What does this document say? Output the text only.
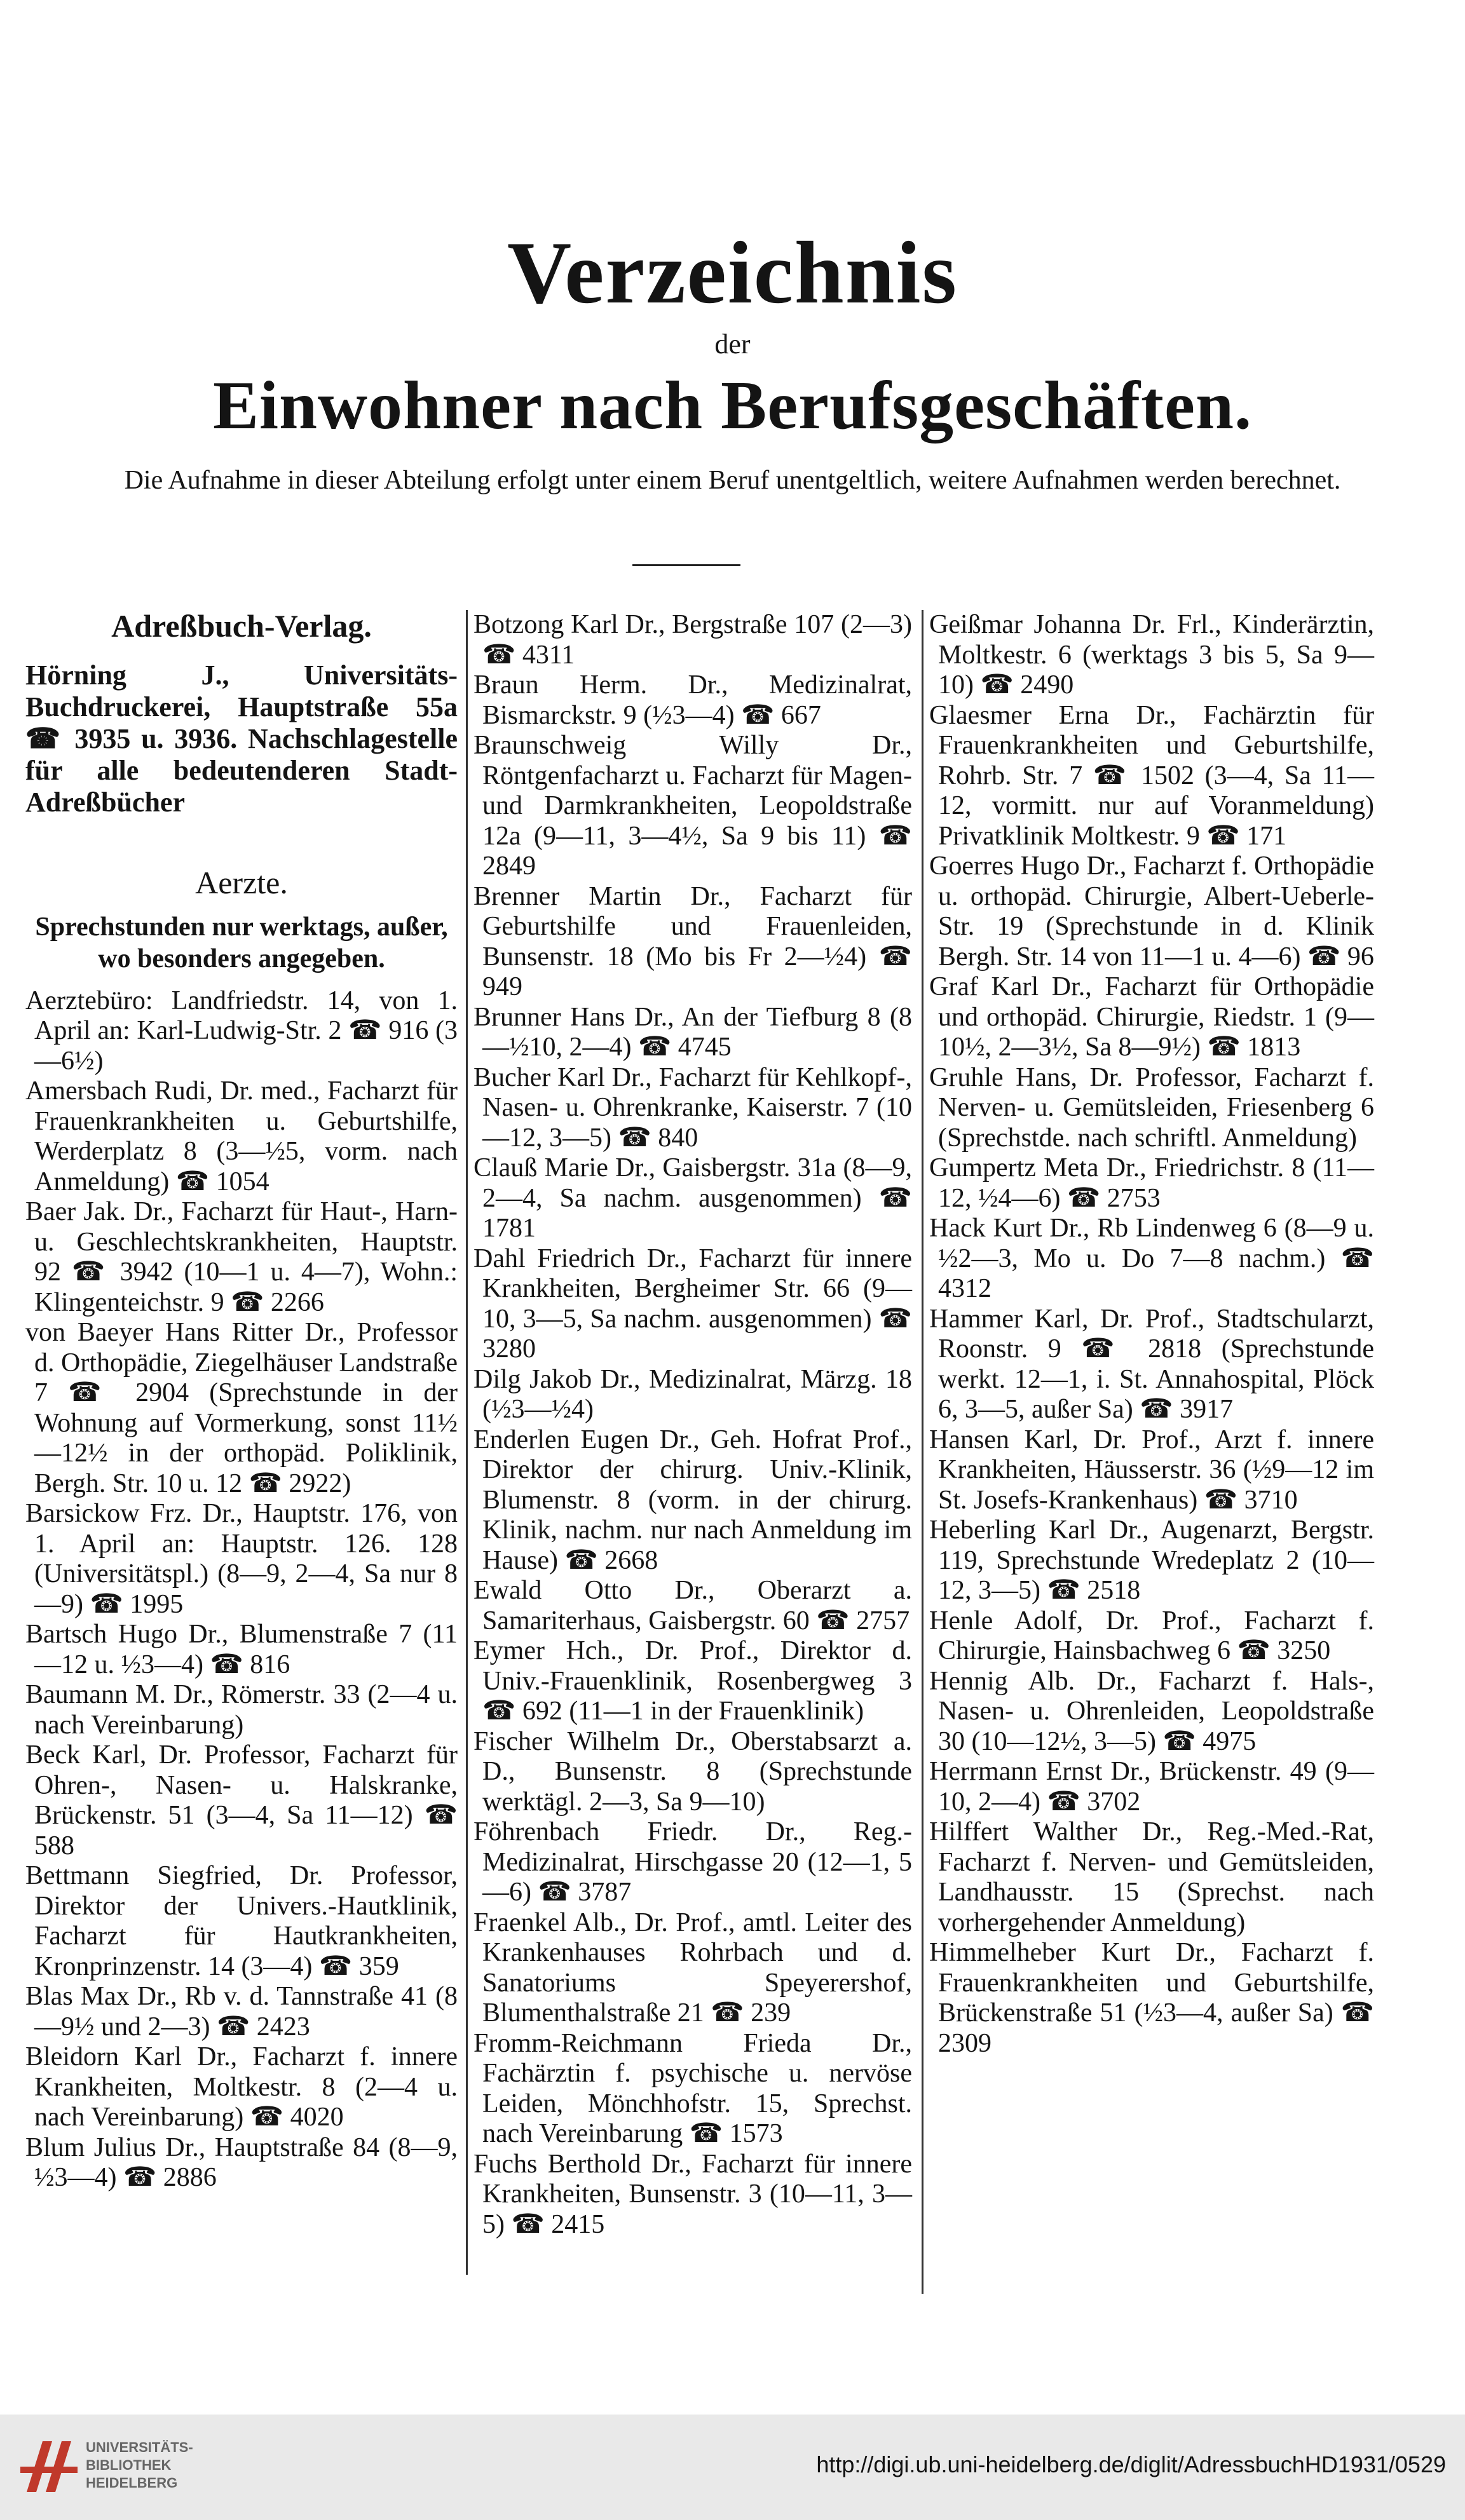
Verzeichnis
der
Einwohner nach Berufsgeschäften.
Die Aufnahme in dieser Abteilung erfolgt unter einem Beruf unentgeltlich, weitere Aufnahmen werden berechnet.
Adreßbuch-Verlag.
Hörning J., Universitäts-Buchdruckerei, Hauptstraße 55a ☎ 3935 u. 3936. Nachschlagestelle für alle bedeutenderen Stadt-Adreßbücher
Aerzte.
Sprechstunden nur werktags, außer, wo besonders angegeben.

Aerztebüro: Landfriedstr. 14, von 1. April an: Karl-Ludwig-Str. 2 ☎ 916 (3—6½)

Amersbach Rudi, Dr. med., Facharzt für Frauenkrankheiten u. Geburtshilfe, Werderplatz 8 (3—½5, vorm. nach Anmeldung) ☎ 1054

Baer Jak. Dr., Facharzt für Haut-, Harn- u. Geschlechtskrankheiten, Hauptstr. 92 ☎ 3942 (10—1 u. 4—7), Wohn.: Klingenteichstr. 9 ☎ 2266

von Baeyer Hans Ritter Dr., Professor d. Orthopädie, Ziegelhäuser Landstraße 7 ☎ 2904 (Sprechstunde in der Wohnung auf Vormerkung, sonst 11½—12½ in der orthopäd. Poliklinik, Bergh. Str. 10 u. 12 ☎ 2922)

Barsickow Frz. Dr., Hauptstr. 176, von 1. April an: Hauptstr. 126. 128 (Universitätspl.) (8—9, 2—4, Sa nur 8—9) ☎ 1995

Bartsch Hugo Dr., Blumenstraße 7 (11—12 u. ½3—4) ☎ 816

Baumann M. Dr., Römerstr. 33 (2—4 u. nach Vereinbarung)

Beck Karl, Dr. Professor, Facharzt für Ohren-, Nasen- u. Halskranke, Brückenstr. 51 (3—4, Sa 11—12) ☎ 588

Bettmann Siegfried, Dr. Professor, Direktor der Univers.-Hautklinik, Facharzt für Hautkrankheiten, Kronprinzenstr. 14 (3—4) ☎ 359

Blas Max Dr., Rb v. d. Tannstraße 41 (8—9½ und 2—3) ☎ 2423

Bleidorn Karl Dr., Facharzt f. innere Krankheiten, Moltkestr. 8 (2—4 u. nach Vereinbarung) ☎ 4020

Blum Julius Dr., Hauptstraße 84 (8—9, ½3—4) ☎ 2886

Botzong Karl Dr., Bergstraße 107 (2—3) ☎ 4311

Braun Herm. Dr., Medizinalrat, Bismarckstr. 9 (½3—4) ☎ 667

Braunschweig Willy Dr., Röntgenfacharzt u. Facharzt für Magen- und Darmkrankheiten, Leopoldstraße 12a (9—11, 3—4½, Sa 9 bis 11) ☎ 2849

Brenner Martin Dr., Facharzt für Geburtshilfe und Frauenleiden, Bunsenstr. 18 (Mo bis Fr 2—½4) ☎ 949

Brunner Hans Dr., An der Tiefburg 8 (8—½10, 2—4) ☎ 4745

Bucher Karl Dr., Facharzt für Kehlkopf-, Nasen- u. Ohrenkranke, Kaiserstr. 7 (10—12, 3—5) ☎ 840

Clauß Marie Dr., Gaisbergstr. 31a (8—9, 2—4, Sa nachm. ausgenommen) ☎ 1781

Dahl Friedrich Dr., Facharzt für innere Krankheiten, Bergheimer Str. 66 (9—10, 3—5, Sa nachm. ausgenommen) ☎ 3280

Dilg Jakob Dr., Medizinalrat, Märzg. 18 (½3—½4)

Enderlen Eugen Dr., Geh. Hofrat Prof., Direktor der chirurg. Univ.-Klinik, Blumenstr. 8 (vorm. in der chirurg. Klinik, nachm. nur nach Anmeldung im Hause) ☎ 2668

Ewald Otto Dr., Oberarzt a. Samariterhaus, Gaisbergstr. 60 ☎ 2757

Eymer Hch., Dr. Prof., Direktor d. Univ.-Frauenklinik, Rosenbergweg 3 ☎ 692 (11—1 in der Frauenklinik)

Fischer Wilhelm Dr., Oberstabsarzt a. D., Bunsenstr. 8 (Sprechstunde werktägl. 2—3, Sa 9—10)

Föhrenbach Friedr. Dr., Reg.-Medizinalrat, Hirschgasse 20 (12—1, 5—6) ☎ 3787

Fraenkel Alb., Dr. Prof., amtl. Leiter des Krankenhauses Rohrbach und d. Sanatoriums Speyerershof, Blumenthalstraße 21 ☎ 239

Fromm-Reichmann Frieda Dr., Fachärztin f. psychische u. nervöse Leiden, Mönchhofstr. 15, Sprechst. nach Vereinbarung ☎ 1573

Fuchs Berthold Dr., Facharzt für innere Krankheiten, Bunsenstr. 3 (10—11, 3—5) ☎ 2415

Geißmar Johanna Dr. Frl., Kinderärztin, Moltkestr. 6 (werktags 3 bis 5, Sa 9—10) ☎ 2490

Glaesmer Erna Dr., Fachärztin für Frauenkrankheiten und Geburtshilfe, Rohrb. Str. 7 ☎ 1502 (3—4, Sa 11—12, vormitt. nur auf Voranmeldung) Privatklinik Moltkestr. 9 ☎ 171

Goerres Hugo Dr., Facharzt f. Orthopädie u. orthopäd. Chirurgie, Albert-Ueberle-Str. 19 (Sprechstunde in d. Klinik Bergh. Str. 14 von 11—1 u. 4—6) ☎ 96

Graf Karl Dr., Facharzt für Orthopädie und orthopäd. Chirurgie, Riedstr. 1 (9—10½, 2—3½, Sa 8—9½) ☎ 1813

Gruhle Hans, Dr. Professor, Facharzt f. Nerven- u. Gemütsleiden, Friesenberg 6 (Sprechstde. nach schriftl. Anmeldung)

Gumpertz Meta Dr., Friedrichstr. 8 (11—12, ½4—6) ☎ 2753

Hack Kurt Dr., Rb Lindenweg 6 (8—9 u. ½2—3, Mo u. Do 7—8 nachm.) ☎ 4312

Hammer Karl, Dr. Prof., Stadtschularzt, Roonstr. 9 ☎ 2818 (Sprechstunde werkt. 12—1, i. St. Annahospital, Plöck 6, 3—5, außer Sa) ☎ 3917

Hansen Karl, Dr. Prof., Arzt f. innere Krankheiten, Häusserstr. 36 (½9—12 im St. Josefs-Krankenhaus) ☎ 3710

Heberling Karl Dr., Augenarzt, Bergstr. 119, Sprechstunde Wredeplatz 2 (10—12, 3—5) ☎ 2518

Henle Adolf, Dr. Prof., Facharzt f. Chirurgie, Hainsbachweg 6 ☎ 3250

Hennig Alb. Dr., Facharzt f. Hals-, Nasen- u. Ohrenleiden, Leopoldstraße 30 (10—12½, 3—5) ☎ 4975

Herrmann Ernst Dr., Brückenstr. 49 (9—10, 2—4) ☎ 3702

Hilffert Walther Dr., Reg.-Med.-Rat, Facharzt f. Nerven- und Gemütsleiden, Landhausstr. 15 (Sprechst. nach vorhergehender Anmeldung)

Himmelheber Kurt Dr., Facharzt f. Frauenkrankheiten und Geburtshilfe, Brückenstraße 51 (½3—4, außer Sa) ☎ 2309

UNIVERSITÄTS-
BIBLIOTHEK
HEIDELBERG
http://digi.ub.uni-heidelberg.de/diglit/AdressbuchHD1931/0529
